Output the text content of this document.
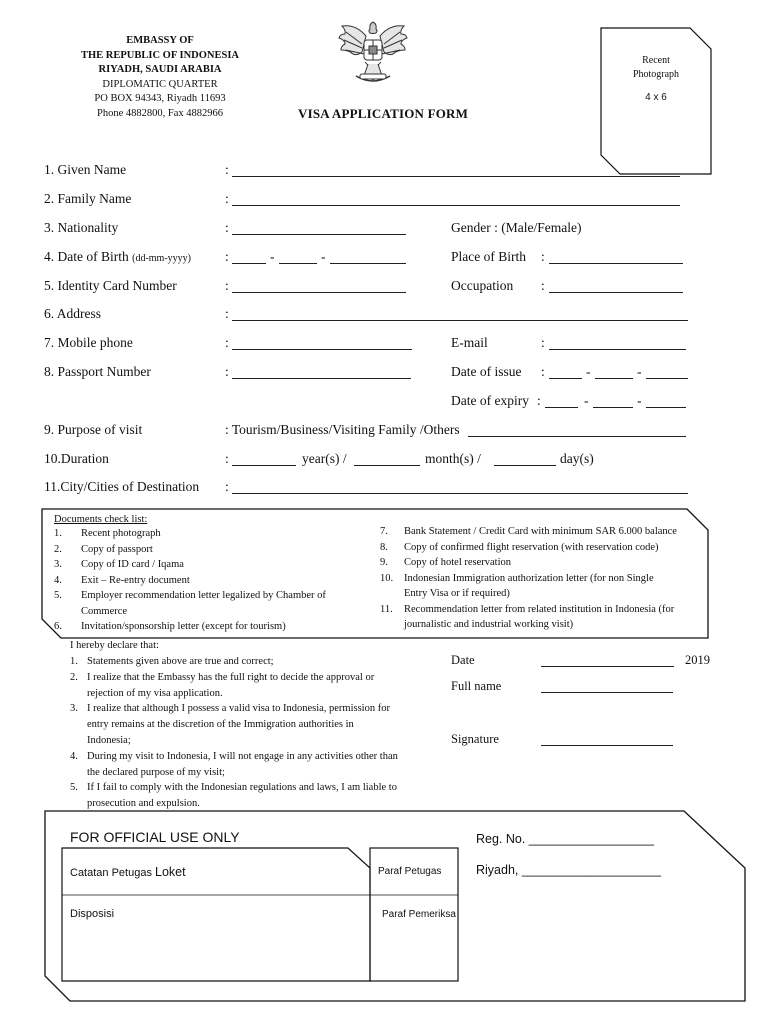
EMBASSY OF
THE REPUBLIC OF INDONESIA
RIYADH, SAUDI ARABIA
DIPLOMATIC QUARTER
PO BOX 94343, Riyadh 11693
Phone 4882800, Fax 4882966	VISA APPLICATION FORM
Recent
Photograph
4 x 6
1. Given Name	:
2. Family Name	:
3. Nationality	:	Gender : (Male/Female)
4. Date of Birth (dd-mm-yyyy)	:	-	-	Place of Birth :
5. Identity Card Number	:	Occupation :
6. Address	:
7. Mobile phone	:	E-mail	:
8. Passport Number	:	Date of issue :	-	-
Date of expiry :	-	-
9. Purpose of visit	: Tourism/Business/Visiting Family /Others
10.Duration	:	year(s) /	month(s) /	day(s)
11.City/Cities of Destination :
Documents check list:
1. Recent photograph
2. Copy of passport
3. Copy of ID card / Iqama
4. Exit – Re-entry document
5. Employer recommendation letter legalized by Chamber of
Commerce
6. Invitation/sponsorship letter (except for tourism)
7. Bank Statement / Credit Card with minimum SAR 6.000 balance
8. Copy of confirmed flight reservation (with reservation code)
9. Copy of hotel reservation
10. Indonesian Immigration authorization letter (for non Single
Entry Visa or if required)
11. Recommendation letter from related institution in Indonesia (for
journalistic and industrial working visit)
I hereby declare that:
1. Statements given above are true and correct;
2. I realize that the Embassy has the full right to decide the approval or
rejection of my visa application.
3. I realize that although I possess a valid visa to Indonesia, permission for
entry remains at the discretion of the Immigration authorities in
Indonesia;
4. During my visit to Indonesia, I will not engage in any activities other than
the declared purpose of my visit;
5. If I fail to comply with the Indonesian regulations and laws, I am liable to
prosecution and expulsion.
Date	2019
Full name
Signature
FOR OFFICIAL USE ONLY	Reg. No. __________________
Riyadh, ____________________
Catatan Petugas Loket	Paraf Petugas
Disposisi	Paraf Pemeriksa
